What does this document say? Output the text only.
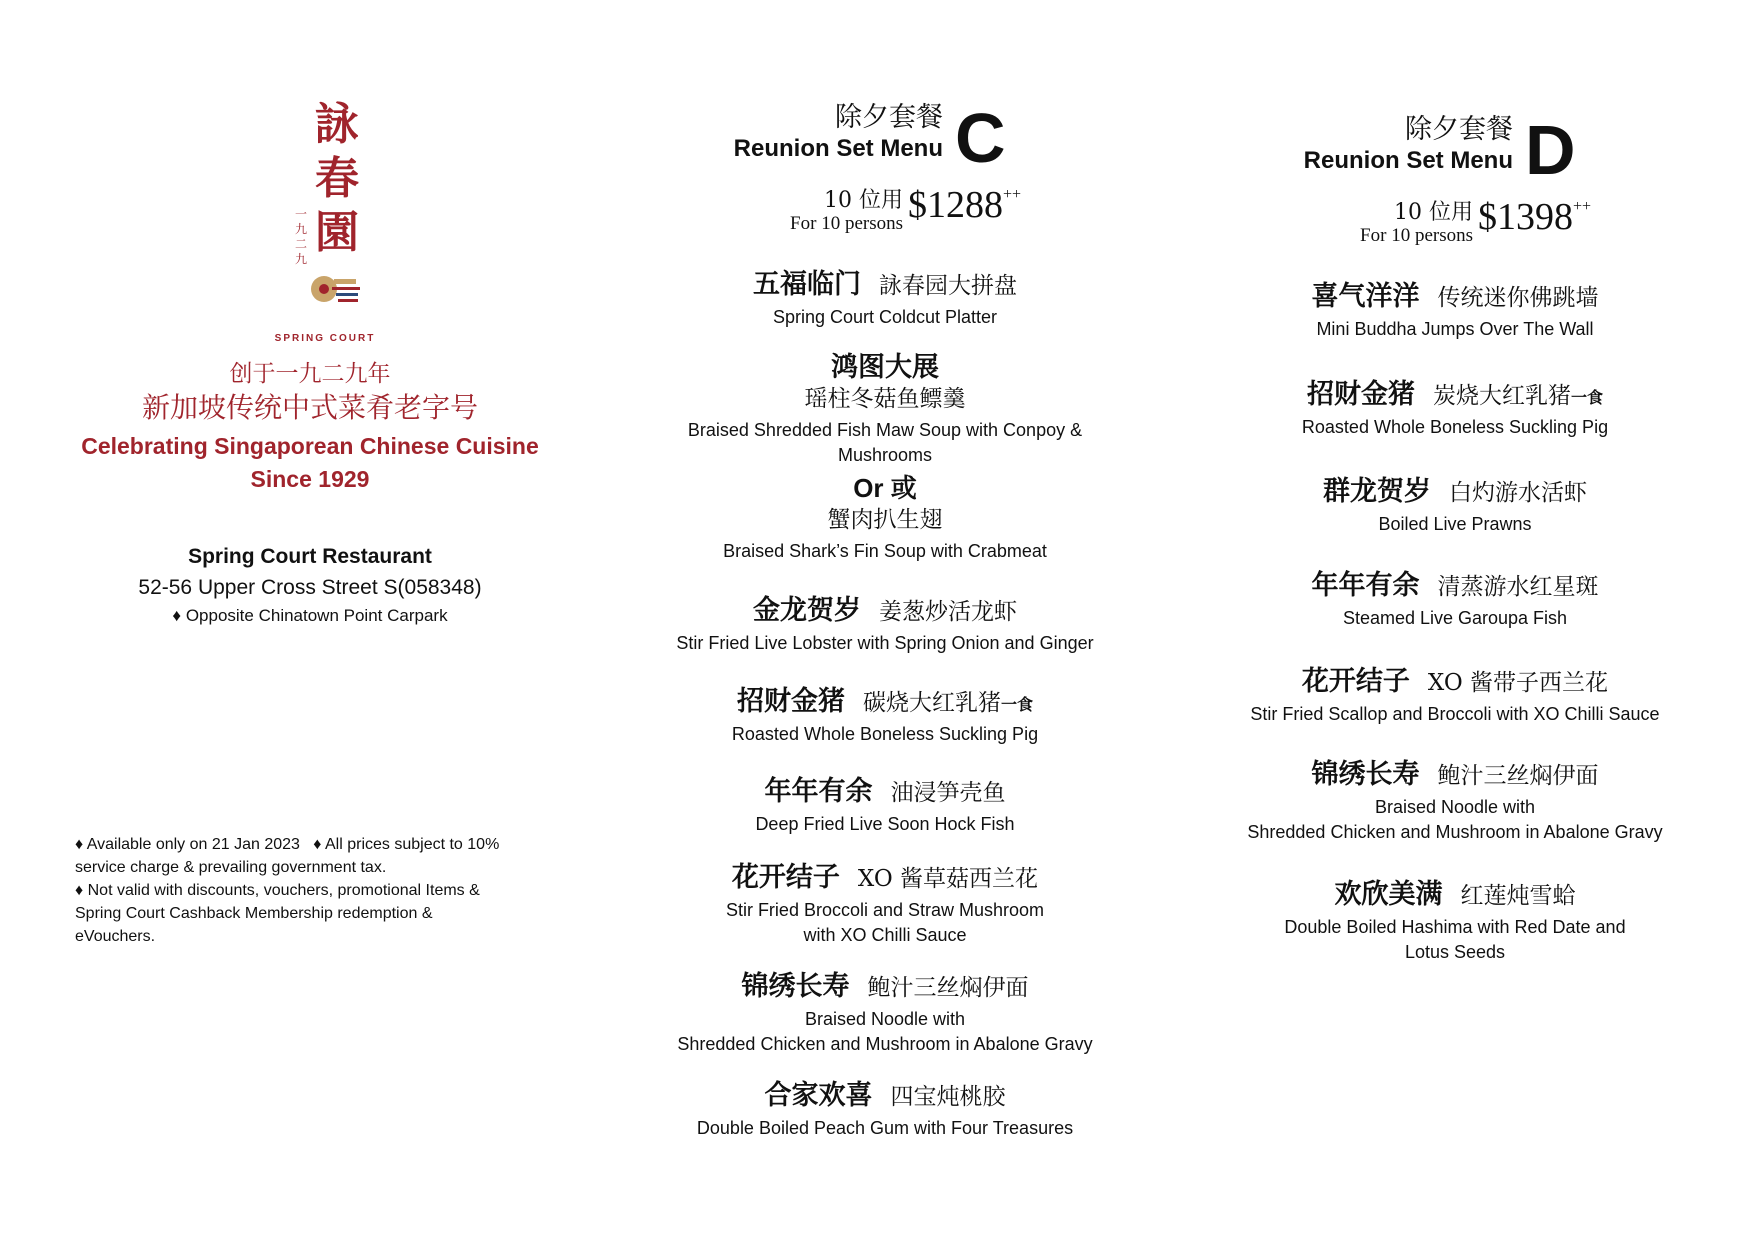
詠
春
園
一九二九
SPRING COURT
创于一九二九年
新加坡传统中式菜肴老字号
Celebrating Singaporean Chinese Cuisine
Since 1929
Spring Court Restaurant
52-56 Upper Cross Street S(058348)
♦ Opposite Chinatown Point Carpark
♦ Available only on 21 Jan 2023   ♦ All prices subject to 10%
service charge & prevailing government tax.
♦ Not valid with discounts, vouchers, promotional Items &
Spring Court Cashback Membership redemption &
eVouchers.
除夕套餐
Reunion Set Menu C
10 位用
For 10 persons $1288++
五福临门 詠春园大拼盘
Spring Court Coldcut Platter
鸿图大展
瑶柱冬菇鱼鳔羹
Braised Shredded Fish Maw Soup with Conpoy &
Mushrooms
Or 或
蟹肉扒生翅
Braised Shark’s Fin Soup with Crabmeat
金龙贺岁 姜葱炒活龙虾
Stir Fried Live Lobster with Spring Onion and Ginger
招财金猪 碳烧大红乳猪一食
Roasted Whole Boneless Suckling Pig
年年有余 油浸笋壳鱼
Deep Fried Live Soon Hock Fish
花开结子 XO 酱草菇西兰花
Stir Fried Broccoli and Straw Mushroom
with XO Chilli Sauce
锦绣长寿 鲍汁三丝焖伊面
Braised Noodle with
Shredded Chicken and Mushroom in Abalone Gravy
合家欢喜 四宝炖桃胶
Double Boiled Peach Gum with Four Treasures
除夕套餐
Reunion Set Menu D
10 位用
For 10 persons $1398++
喜气洋洋 传统迷你佛跳墙
Mini Buddha Jumps Over The Wall
招财金猪 炭烧大红乳猪一食
Roasted Whole Boneless Suckling Pig
群龙贺岁 白灼游水活虾
Boiled Live Prawns
年年有余 清蒸游水红星斑
Steamed Live Garoupa Fish
花开结子 XO 酱带子西兰花
Stir Fried Scallop and Broccoli with XO Chilli Sauce
锦绣长寿 鲍汁三丝焖伊面
Braised Noodle with
Shredded Chicken and Mushroom in Abalone Gravy
欢欣美满 红莲炖雪蛤
Double Boiled Hashima with Red Date and
Lotus Seeds
